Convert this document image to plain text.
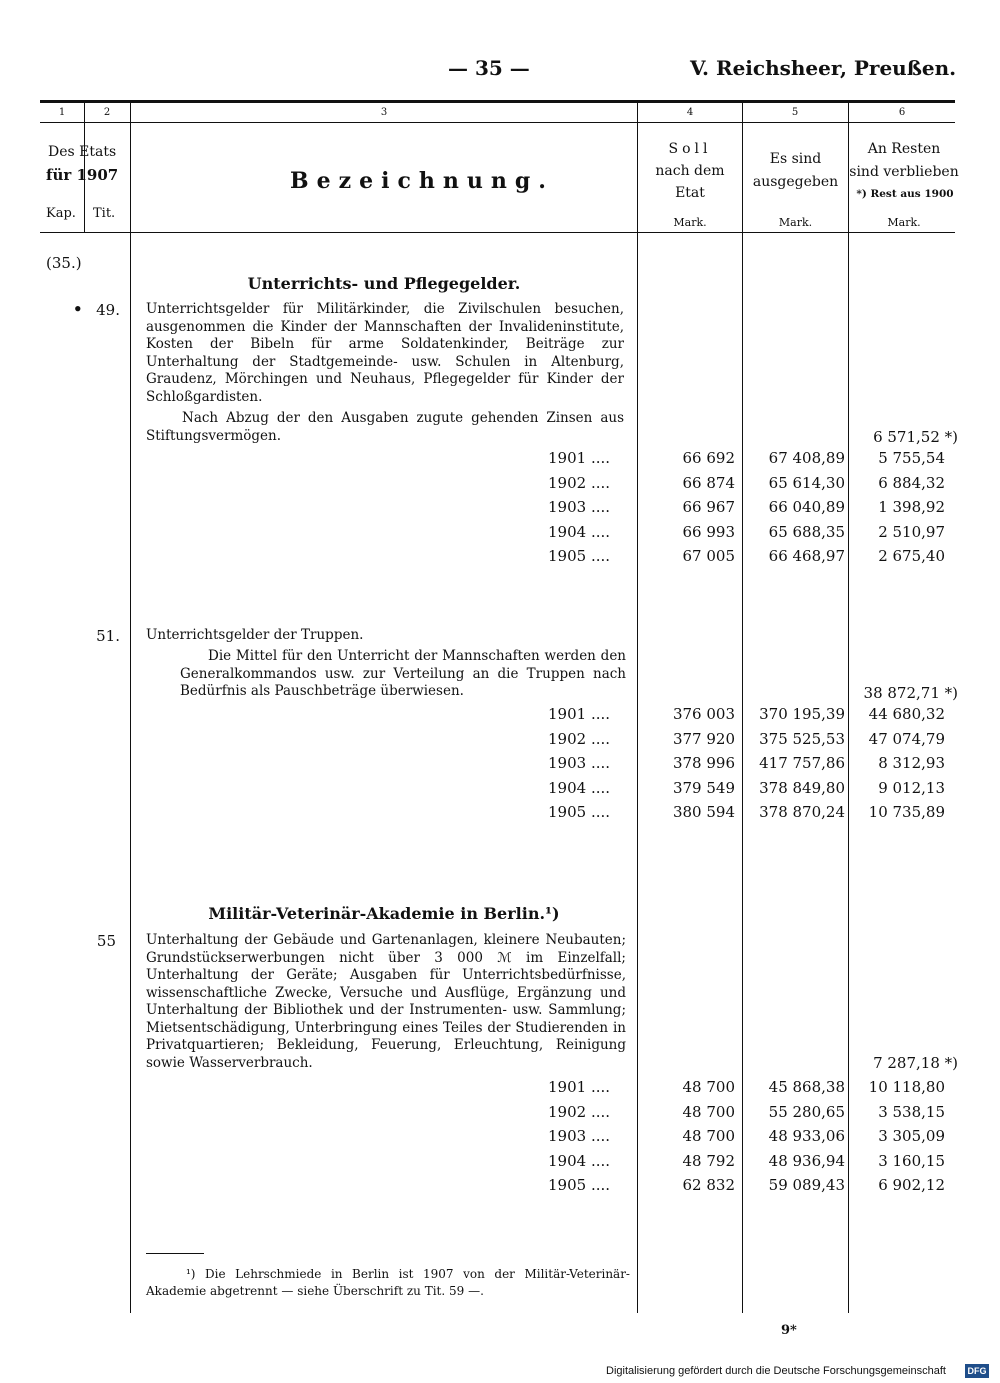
— 35 —	V. Reichsheer, Preußen.
1	2	3	4	5	6
Des Etats
für 1907
Kap. Tit.
Bezeichnung.
Soll
nach dem
Etat
Mark.
Es sind
ausgegeben
Mark.
An Resten
sind verblieben
*) Rest aus 1900
Mark.
(35.)
Unterrichts- und Pflegegelder.
• 49. Unterrichtsgelder für Militärkinder, die Zivilschulen besuchen, ausgenommen die Kinder der Mannschaften der Invalideninstitute, Kosten der Bibeln für arme Soldatenkinder, Beiträge zur Unterhaltung der Stadtgemeinde- usw. Schulen in Altenburg, Graudenz, Mörchingen und Neuhaus, Pflegegelder für Kinder der Schloßgardisten.
Nach Abzug der den Ausgaben zugute gehenden Zinsen aus Stiftungsvermögen.	6 571,52 *)
1901 ....	66 692	67 408,89	5 755,54
1902 ....	66 874	65 614,30	6 884,32
1903 ....	66 967	66 040,89	1 398,92
1904 ....	66 993	65 688,35	2 510,97
1905 ....	67 005	66 468,97	2 675,40
51. Unterrichtsgelder der Truppen.
Die Mittel für den Unterricht der Mannschaften werden den Generalkommandos usw. zur Verteilung an die Truppen nach Bedürfnis als Pauschbeträge überwiesen.	38 872,71 *)
1901 ....	376 003	370 195,39	44 680,32
1902 ....	377 920	375 525,53	47 074,79
1903 ....	378 996	417 757,86	8 312,93
1904 ....	379 549	378 849,80	9 012,13
1905 ....	380 594	378 870,24	10 735,89
Militär-Veterinär-Akademie in Berlin.¹)
55 Unterhaltung der Gebäude und Gartenanlagen, kleinere Neubauten; Grundstückserwerbungen nicht über 3 000 ℳ im Einzelfall; Unterhaltung der Geräte; Ausgaben für Unterrichtsbedürfnisse, wissenschaftliche Zwecke, Versuche und Ausflüge, Ergänzung und Unterhaltung der Bibliothek und der Instrumenten- usw. Sammlung; Mietsentschädigung, Unterbringung eines Teiles der Studierenden in Privatquartieren; Bekleidung, Feuerung, Erleuchtung, Reinigung sowie Wasserverbrauch.	7 287,18 *)
1901 ....	48 700	45 868,38	10 118,80
1902 ....	48 700	55 280,65	3 538,15
1903 ....	48 700	48 933,06	3 305,09
1904 ....	48 792	48 936,94	3 160,15
1905 ....	62 832	59 089,43	6 902,12
¹) Die Lehrschmiede in Berlin ist 1907 von der Militär-Veterinär-Akademie abgetrennt — siehe Überschrift zu Tit. 59 —.
9*
Digitalisierung gefördert durch die Deutsche Forschungsgemeinschaft DFG
